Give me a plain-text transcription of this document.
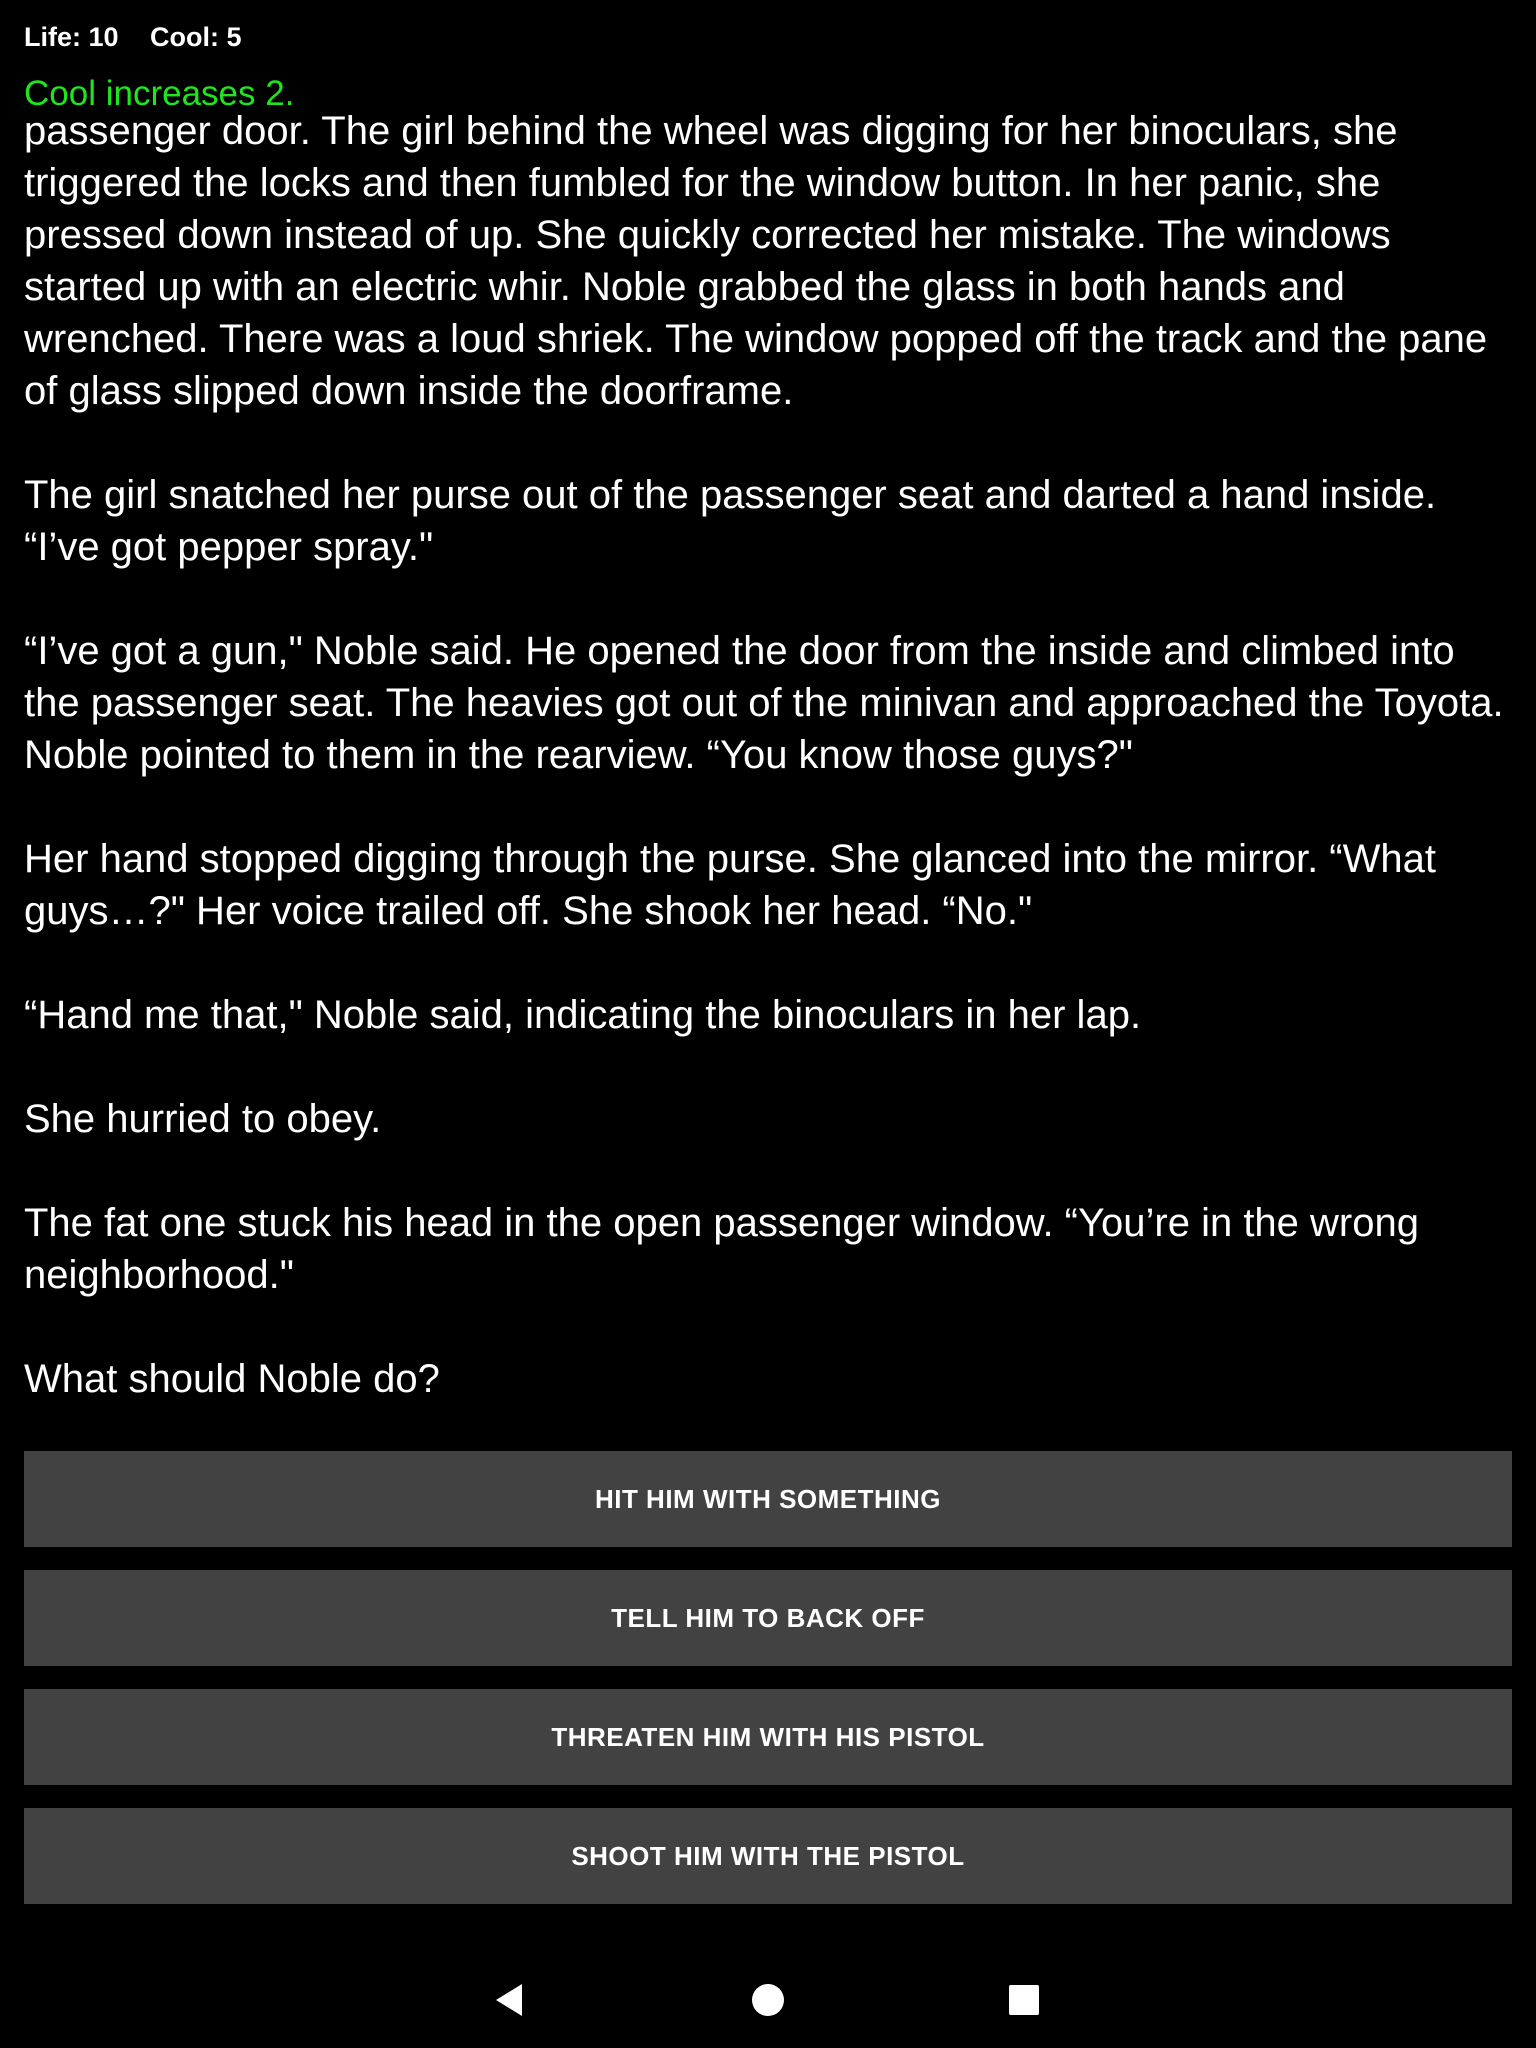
Life: 10 Cool: 5
Cool increases 2.

passenger door. The girl behind the wheel was digging for her binoculars, she triggered the locks and then fumbled for the window button. In her panic, she pressed down instead of up. She quickly corrected her mistake. The windows started up with an electric whir. Noble grabbed the glass in both hands and wrenched. There was a loud shriek. The window popped off the track and the pane of glass slipped down inside the doorframe.

The girl snatched her purse out of the passenger seat and darted a hand inside. “I’ve got pepper spray."

“I’ve got a gun," Noble said. He opened the door from the inside and climbed into the passenger seat. The heavies got out of the minivan and approached the Toyota. Noble pointed to them in the rearview. “You know those guys?"

Her hand stopped digging through the purse. She glanced into the mirror. “What guys…?" Her voice trailed off. She shook her head. “No."

“Hand me that," Noble said, indicating the binoculars in her lap.

She hurried to obey.

The fat one stuck his head in the open passenger window. “You’re in the wrong neighborhood."

What should Noble do?

HIT HIM WITH SOMETHING
TELL HIM TO BACK OFF
THREATEN HIM WITH HIS PISTOL
SHOOT HIM WITH THE PISTOL
